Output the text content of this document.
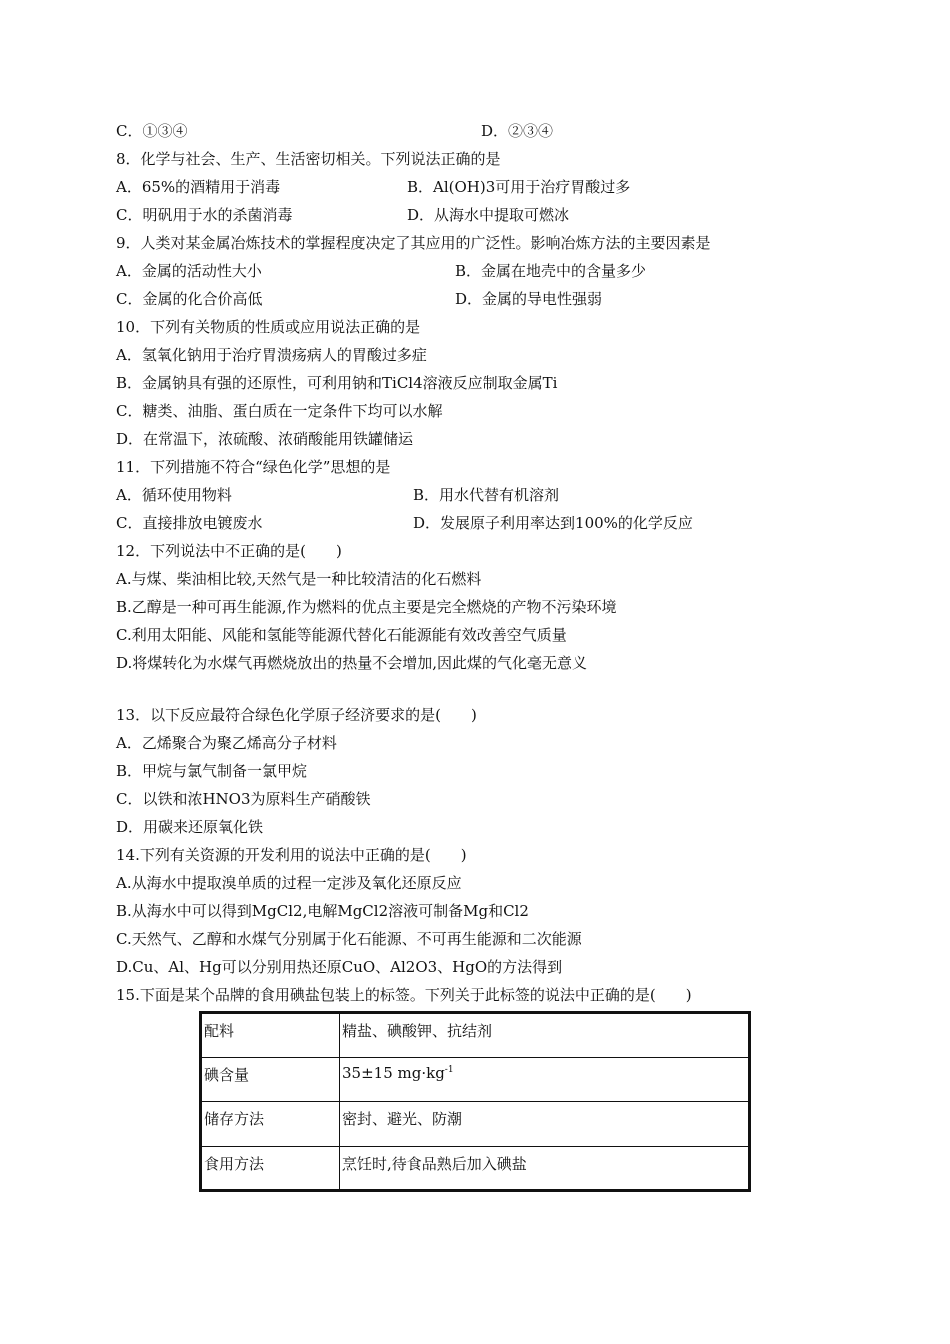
C．①③④	D．②③④
8．化学与社会、生产、生活密切相关。下列说法正确的是
A．65%的酒精用于消毒	B．Al(OH)3可用于治疗胃酸过多
C．明矾用于水的杀菌消毒	D．从海水中提取可燃冰
9．人类对某金属冶炼技术的掌握程度决定了其应用的广泛性。影响冶炼方法的主要因素是
A．金属的活动性大小	B．金属在地壳中的含量多少
C．金属的化合价高低	D．金属的导电性强弱
10．下列有关物质的性质或应用说法正确的是
A．氢氧化钠用于治疗胃溃疡病人的胃酸过多症
B．金属钠具有强的还原性，可利用钠和TiCl4溶液反应制取金属Ti
C．糖类、油脂、蛋白质在一定条件下均可以水解
D．在常温下，浓硫酸、浓硝酸能用铁罐储运
11．下列措施不符合“绿色化学”思想的是
A．循环使用物料	B．用水代替有机溶剂
C．直接排放电镀废水	D．发展原子利用率达到100%的化学反应
12．下列说法中不正确的是(　　)
A.与煤、柴油相比较,天然气是一种比较清洁的化石燃料
B.乙醇是一种可再生能源,作为燃料的优点主要是完全燃烧的产物不污染环境
C.利用太阳能、风能和氢能等能源代替化石能源能有效改善空气质量
D.将煤转化为水煤气再燃烧放出的热量不会增加,因此煤的气化毫无意义
13．以下反应最符合绿色化学原子经济要求的是(　　)
A．乙烯聚合为聚乙烯高分子材料
B．甲烷与氯气制备一氯甲烷
C．以铁和浓HNO3为原料生产硝酸铁
D．用碳来还原氧化铁
14.下列有关资源的开发利用的说法中正确的是(　　)
A.从海水中提取溴单质的过程一定涉及氧化还原反应
B.从海水中可以得到MgCl2,电解MgCl2溶液可制备Mg和Cl2
C.天然气、乙醇和水煤气分别属于化石能源、不可再生能源和二次能源
D.Cu、Al、Hg可以分别用热还原CuO、Al2O3、HgO的方法得到
15.下面是某个品牌的食用碘盐包装上的标签。下列关于此标签的说法中正确的是(　　)
配料	精盐、碘酸钾、抗结剂
碘含量	35±15 $mg\cdot kg^{-1}$
储存方法	密封、避光、防潮
食用方法	烹饪时,待食品熟后加入碘盐
